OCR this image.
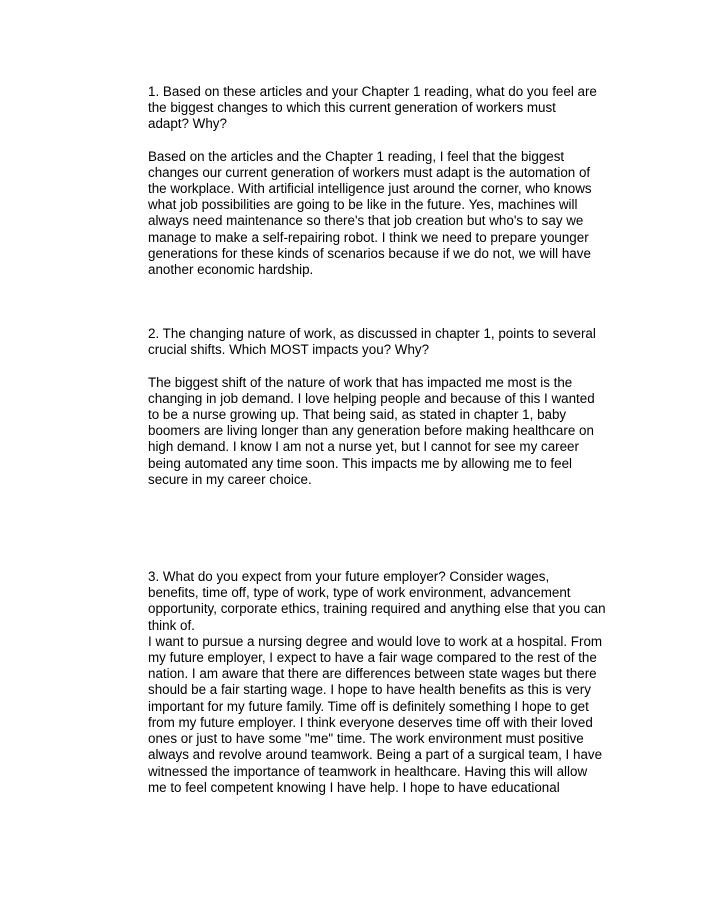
1. Based on these articles and your Chapter 1 reading, what do you feel are
the biggest changes to which this current generation of workers must
adapt? Why?

Based on the articles and the Chapter 1 reading, I feel that the biggest
changes our current generation of workers must adapt is the automation of
the workplace. With artificial intelligence just around the corner, who knows
what job possibilities are going to be like in the future. Yes, machines will
always need maintenance so there's that job creation but who's to say we
manage to make a self-repairing robot. I think we need to prepare younger
generations for these kinds of scenarios because if we do not, we will have
another economic hardship.

2. The changing nature of work, as discussed in chapter 1, points to several
crucial shifts. Which MOST impacts you? Why?

The biggest shift of the nature of work that has impacted me most is the
changing in job demand. I love helping people and because of this I wanted
to be a nurse growing up. That being said, as stated in chapter 1, baby
boomers are living longer than any generation before making healthcare on
high demand. I know I am not a nurse yet, but I cannot for see my career
being automated any time soon. This impacts me by allowing me to feel
secure in my career choice.

3. What do you expect from your future employer? Consider wages,
benefits, time off, type of work, type of work environment, advancement
opportunity, corporate ethics, training required and anything else that you can
think of.

I want to pursue a nursing degree and would love to work at a hospital. From
my future employer, I expect to have a fair wage compared to the rest of the
nation. I am aware that there are differences between state wages but there
should be a fair starting wage. I hope to have health benefits as this is very
important for my future family. Time off is definitely something I hope to get
from my future employer. I think everyone deserves time off with their loved
ones or just to have some "me" time. The work environment must positive
always and revolve around teamwork. Being a part of a surgical team, I have
witnessed the importance of teamwork in healthcare. Having this will allow
me to feel competent knowing I have help. I hope to have educational
